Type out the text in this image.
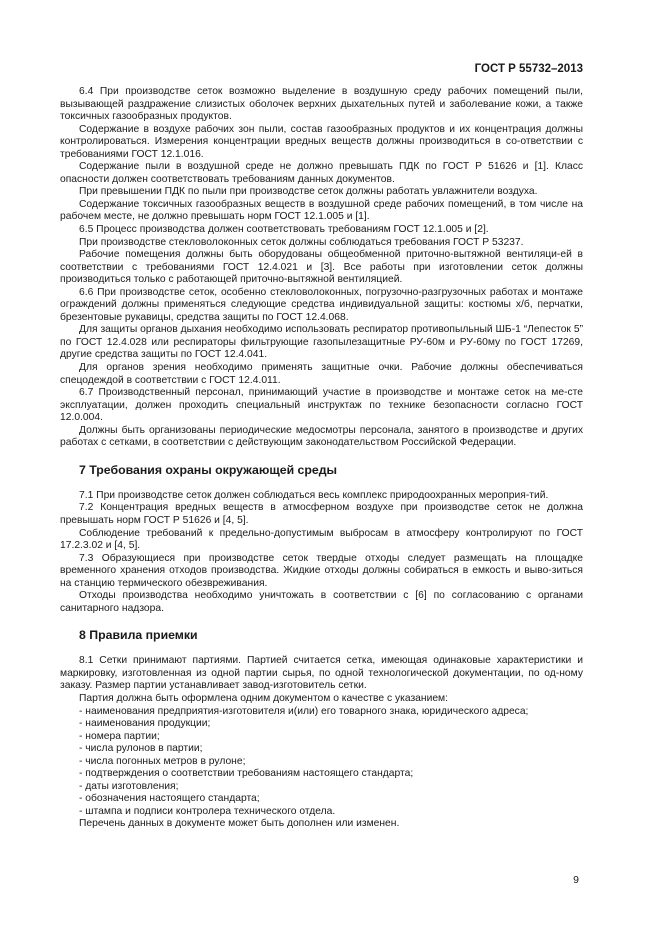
ГОСТ Р 55732–2013

6.4 При производстве сеток возможно выделение в воздушную среду рабочих помещений пыли, вызывающей раздражение слизистых оболочек верхних дыхательных путей и заболевание кожи, а также токсичных газообразных продуктов.

Содержание в воздухе рабочих зон пыли, состав газообразных продуктов и их концентрация должны контролироваться. Измерения концентрации вредных веществ должны производиться в со-ответствии с требованиями ГОСТ 12.1.016.

Содержание пыли в воздушной среде не должно превышать ПДК по ГОСТ Р 51626 и [1]. Класс опасности должен соответствовать требованиям данных документов.

При превышении ПДК по пыли при производстве сеток должны работать увлажнители воздуха.

Содержание токсичных газообразных веществ в воздушной среде рабочих помещений, в том числе на рабочем месте, не должно превышать норм ГОСТ 12.1.005 и [1].

6.5 Процесс производства должен соответствовать требованиям ГОСТ 12.1.005 и [2].

При производстве стекловолоконных сеток должны соблюдаться требования ГОСТ Р 53237.

Рабочие помещения должны быть оборудованы общеобменной приточно-вытяжной вентиляци-ей в соответствии с требованиями ГОСТ 12.4.021 и [3]. Все работы при изготовлении сеток должны производиться только с работающей приточно-вытяжной вентиляцией.

6.6 При производстве сеток, особенно стекловолоконных, погрузочно-разгрузочных работах и монтаже ограждений должны применяться следующие средства индивидуальной защиты: костюмы х/б, перчатки, брезентовые рукавицы, средства защиты по ГОСТ 12.4.068.

Для защиты органов дыхания необходимо использовать респиратор противопыльный ШБ-1 “Лепесток 5” по ГОСТ 12.4.028 или респираторы фильтрующие газопылезащитные РУ-60м и РУ-60му по ГОСТ 17269, другие средства защиты по ГОСТ 12.4.041.

Для органов зрения необходимо применять защитные очки. Рабочие должны обеспечиваться спецодеждой в соответствии с ГОСТ 12.4.011.

6.7 Производственный персонал, принимающий участие в производстве и монтаже сеток на ме-сте эксплуатации, должен проходить специальный инструктаж по технике безопасности согласно ГОСТ 12.0.004.

Должны быть организованы периодические медосмотры персонала, занятого в производстве и других работах с сетками, в соответствии с действующим законодательством Российской Федерации.

7 Требования охраны окружающей среды

7.1 При производстве сеток должен соблюдаться весь комплекс природоохранных мероприя-тий.

7.2 Концентрация вредных веществ в атмосферном воздухе при производстве сеток не должна превышать норм ГОСТ Р 51626 и [4, 5].

Соблюдение требований к предельно-допустимым выбросам в атмосферу контролируют по ГОСТ 17.2.3.02 и [4, 5].

7.3 Образующиеся при производстве сеток твердые отходы следует размещать на площадке временного хранения отходов производства. Жидкие отходы должны собираться в емкость и выво-зиться на станцию термического обезвреживания.

Отходы производства необходимо уничтожать в соответствии с [6] по согласованию с органами санитарного надзора.

8 Правила приемки

8.1 Сетки принимают партиями. Партией считается сетка, имеющая одинаковые характеристики и маркировку, изготовленная из одной партии сырья, по одной технологической документации, по од-ному заказу. Размер партии устанавливает завод-изготовитель сетки.

Партия должна быть оформлена одним документом о качестве с указанием:

- наименования предприятия-изготовителя и(или) его товарного знака, юридического адреса;

- наименования продукции;

- номера партии;

- числа рулонов в партии;

- числа погонных метров в рулоне;

- подтверждения о соответствии требованиям настоящего стандарта;

- даты изготовления;

- обозначения настоящего стандарта;

- штампа и подписи контролера технического отдела.

Перечень данных в документе может быть дополнен или изменен.

9
